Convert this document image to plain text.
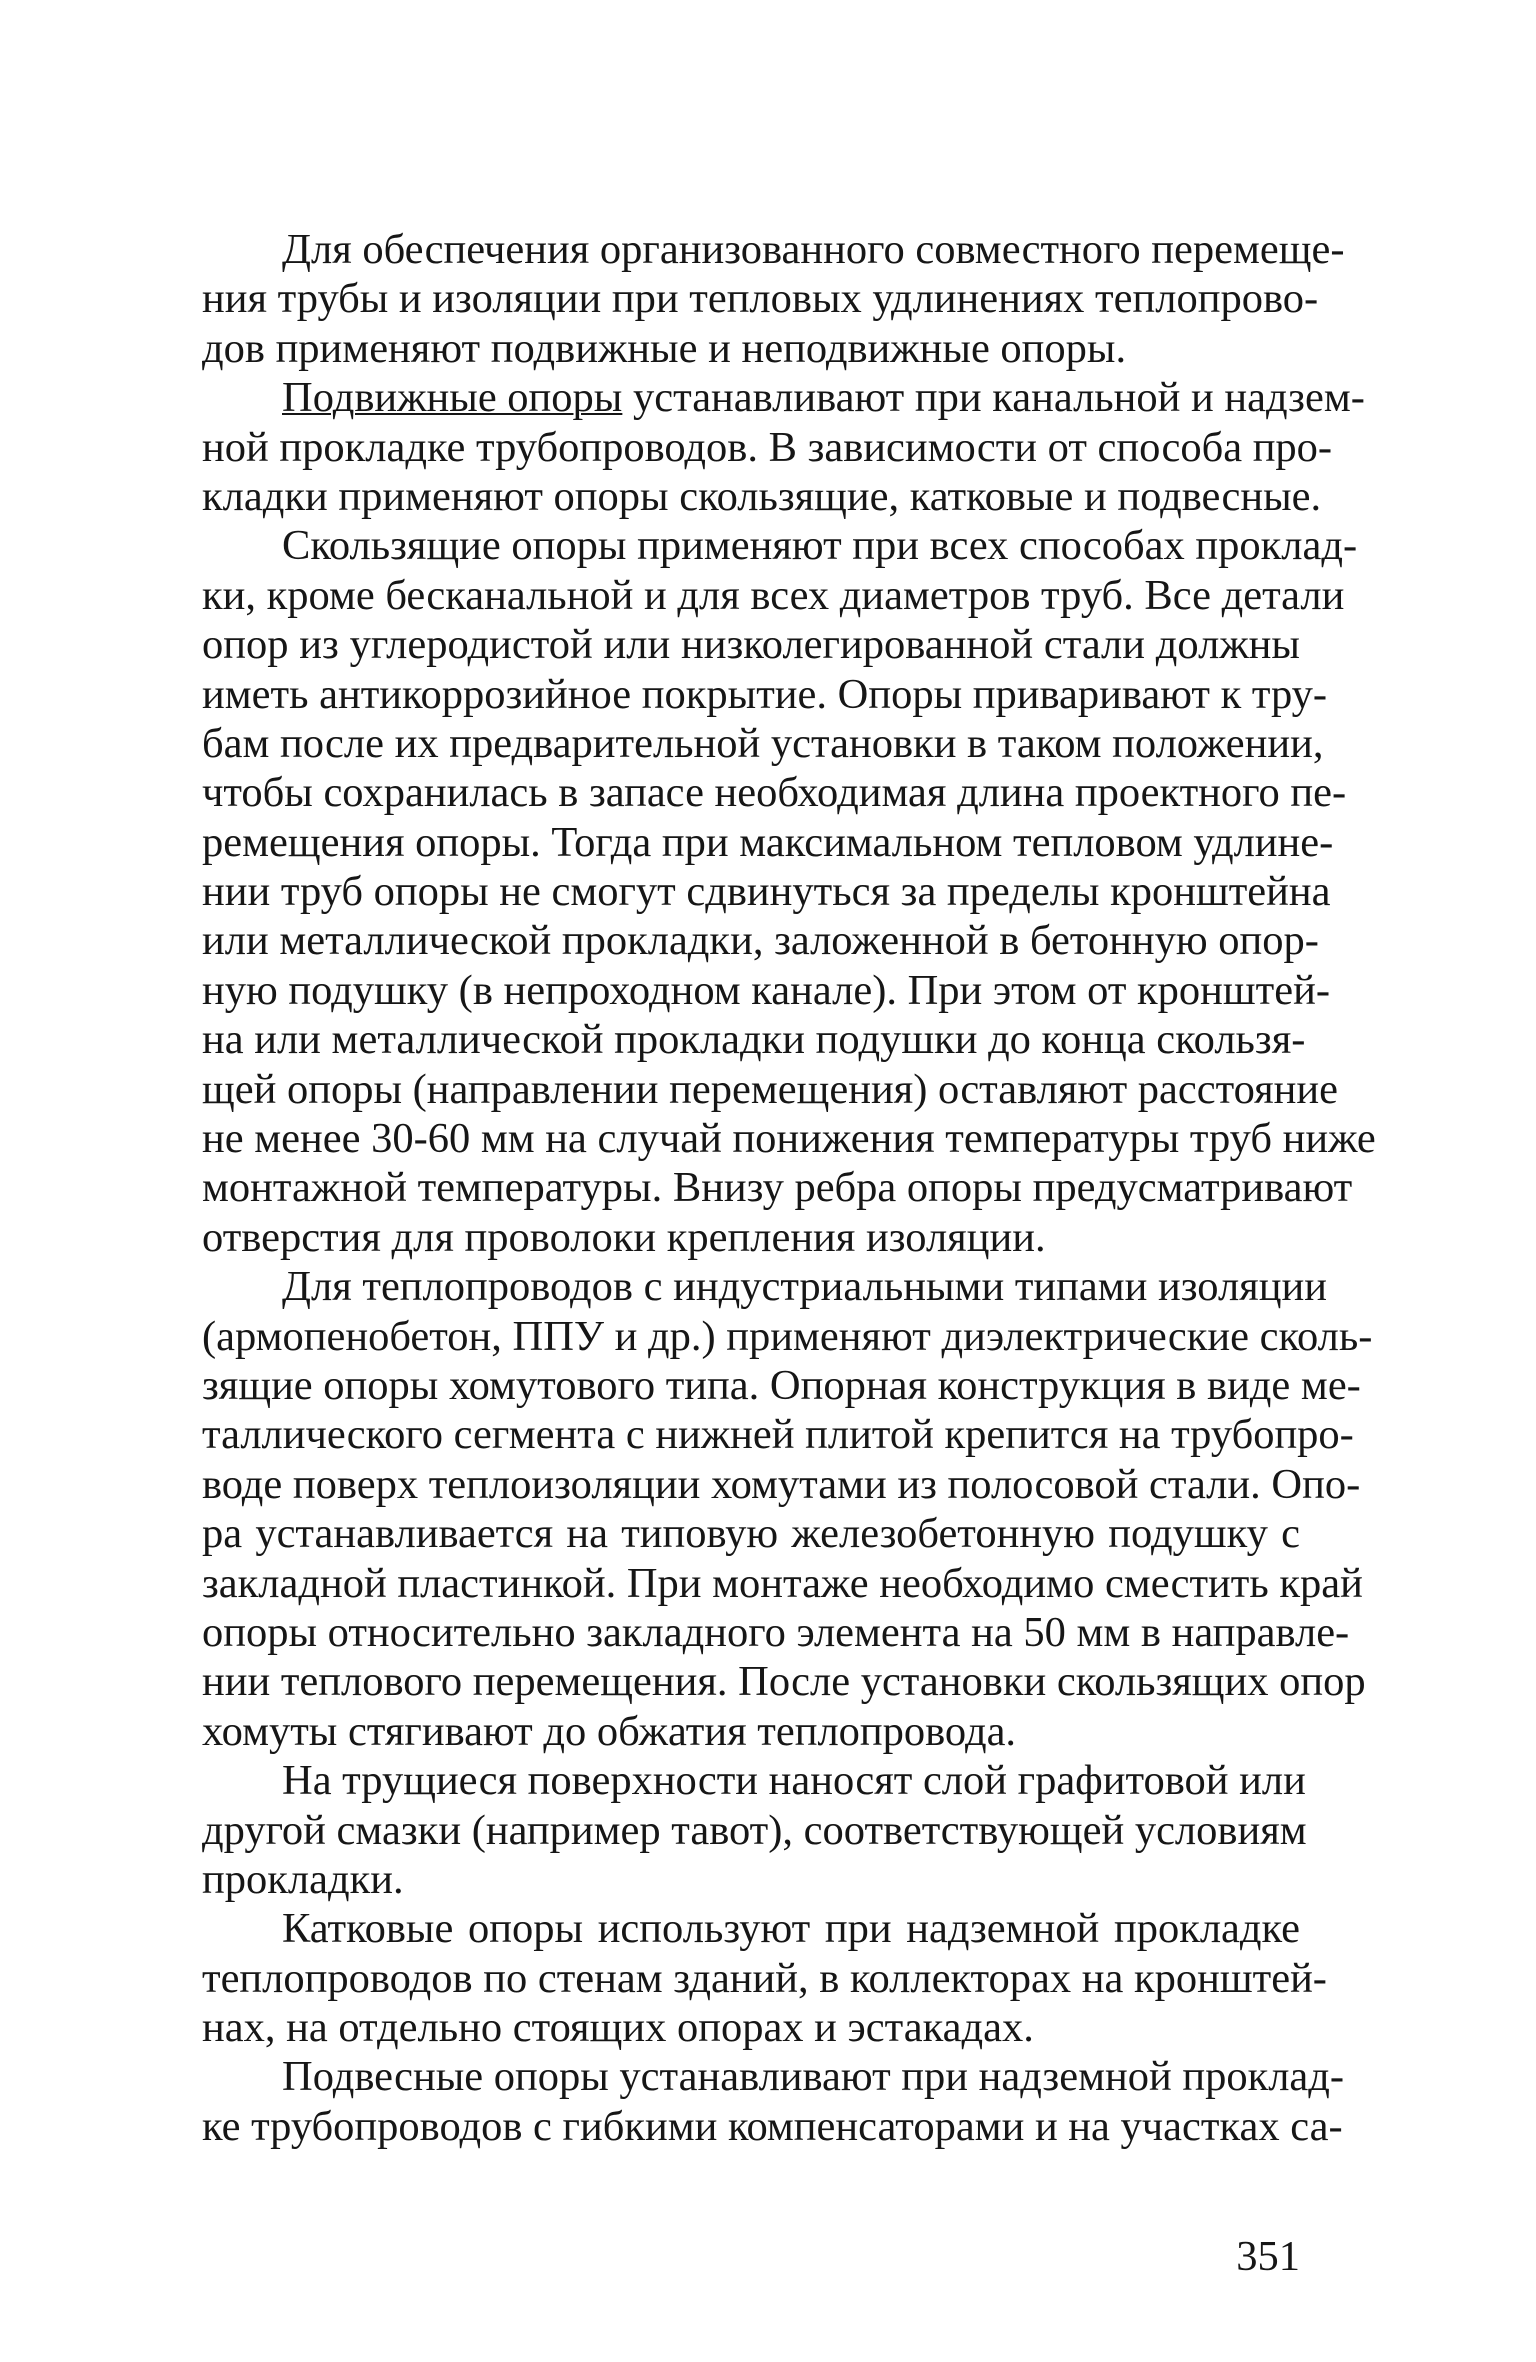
Для обеспечения организованного совместного перемеще-
ния трубы и изоляции при тепловых удлинениях теплопрово-
дов применяют подвижные и неподвижные опоры.
Подвижные опоры устанавливают при канальной и надзем-
ной прокладке трубопроводов. В зависимости от способа про-
кладки применяют опоры скользящие, катковые и подвесные.
Скользящие опоры применяют при всех способах проклад-
ки, кроме бесканальной и для всех диаметров труб. Все детали
опор из углеродистой или низколегированной стали должны
иметь антикоррозийное покрытие. Опоры приваривают к тру-
бам после их предварительной установки в таком положении,
чтобы сохранилась в запасе необходимая длина проектного пе-
ремещения опоры. Тогда при максимальном тепловом удлине-
нии труб опоры не смогут сдвинуться за пределы кронштейна
или металлической прокладки, заложенной в бетонную опор-
ную подушку (в непроходном канале). При этом от кронштей-
на или металлической прокладки подушки до конца скользя-
щей опоры (направлении перемещения) оставляют расстояние
не менее 30-60 мм на случай понижения температуры труб ниже
монтажной температуры. Внизу ребра опоры предусматривают
отверстия для проволоки крепления изоляции.
Для теплопроводов с индустриальными типами изоляции
(армопенобетон, ППУ и др.) применяют диэлектрические сколь-
зящие опоры хомутового типа. Опорная конструкция в виде ме-
таллического сегмента с нижней плитой крепится на трубопро-
воде поверх теплоизоляции хомутами из полосовой стали. Опо-
ра устанавливается на типовую железобетонную подушку с
закладной пластинкой. При монтаже необходимо сместить край
опоры относительно закладного элемента на 50 мм в направле-
нии теплового перемещения. После установки скользящих опор
хомуты стягивают до обжатия теплопровода.
На трущиеся поверхности наносят слой графитовой или
другой смазки (например тавот), соответствующей условиям
прокладки.
Катковые опоры используют при надземной прокладке
теплопроводов по стенам зданий, в коллекторах на кронштей-
нах, на отдельно стоящих опорах и эстакадах.
Подвесные опоры устанавливают при надземной проклад-
ке трубопроводов с гибкими компенсаторами и на участках са-
351
